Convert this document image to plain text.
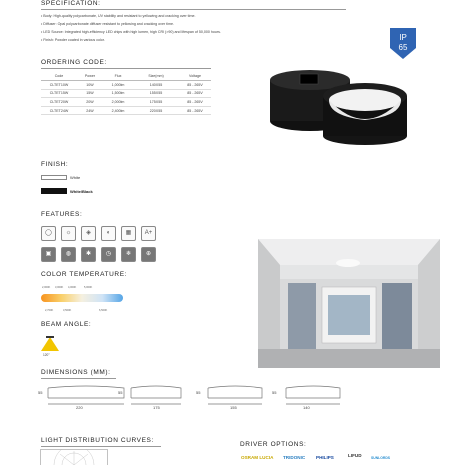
SPECIFICATION:
• Body: High-quality polycarbonate, UV stability and resistant to yellowing and cracking over time.
• Diffuser: Opal polycarbonate diffuser resistant to yellowing and cracking over time.
• LED Source: Integrated high-efficiency LED chips with high lumen, high CRI (>90) and lifespan of 50,000 hours.
• Finish: Powder coated in various color.	IP
65
ORDERING CODE:
Code	Power	Flux	Size(mm)	Voltage
CLTET10W	10W	1,000lm	140X55	85 - 265V
CLTET15W	15W	1,500lm	155X55	85 - 265V
CLTET20W	20W	2,000lm	175X55	85 - 265V
CLTET24W	24W	2,400lm	220X55	85 - 265V
FINISH:
White
White/Black
FEATURES:
◯	☼	◈	◐	▦	A+
▣	◍	✱	◷	❄	⊕
COLOR TEMPERATURE:
2,000K 3,000K 4,000K	5,000K
2,700K	3,500K	6,500K
BEAM ANGLE:
120°
DIMENSIONS (MM):
55	55	55	55
220	175	155	140
LIGHT DISTRIBUTION CURVES:
DRIVER OPTIONS:
OSRAM LUCIA TRIDONIC PHILIPS	LIFUD	SUNLORDS
